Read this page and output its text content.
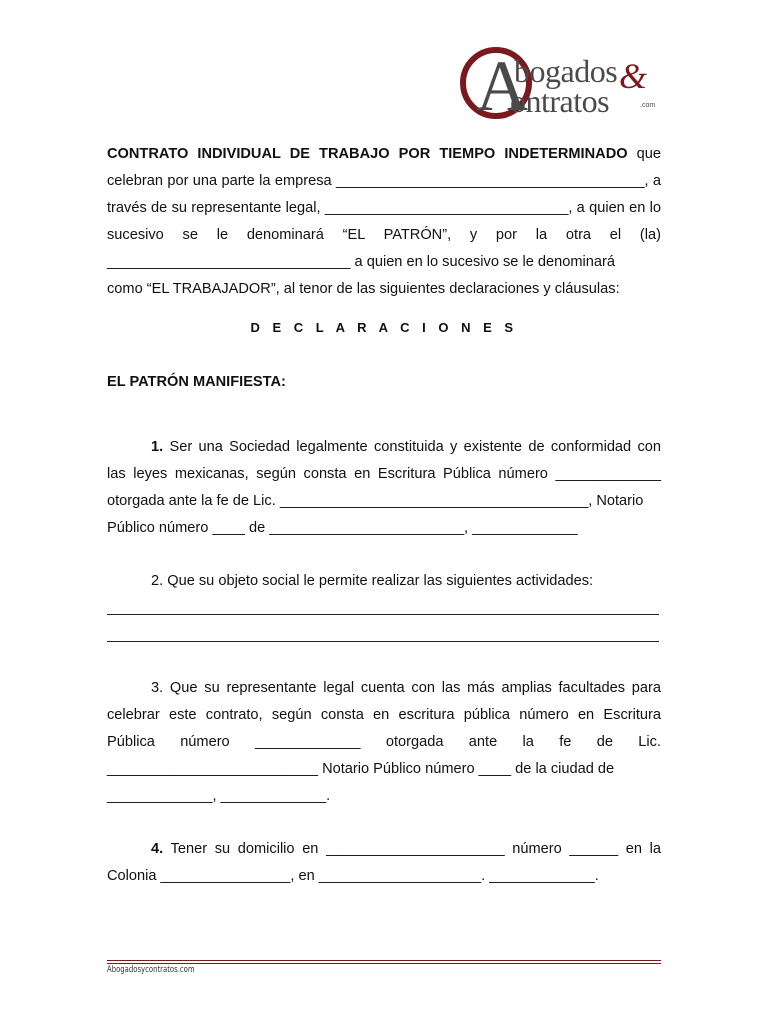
A
bogados &
ontratos	.com
CONTRATO INDIVIDUAL DE TRABAJO POR TIEMPO INDETERMINADO que celebran por una parte la empresa ______________________________________, a través de su representante legal, ______________________________, a quien en lo sucesivo se le denominará “EL PATRÓN”, y por la otra el (la) ______________________________ a quien en lo sucesivo se le denominará
como “EL TRABAJADOR”, al tenor de las siguientes declaraciones y cláusulas:
D E C L A R A C I O N E S
EL PATRÓN MANIFIESTA:
1. Ser una Sociedad legalmente constituida y existente de conformidad con las leyes mexicanas, según consta en Escritura Pública número _____________ otorgada ante la fe de Lic. ______________________________________, Notario
Público número ____ de ________________________, _____________
2. Que su objeto social le permite realizar las siguientes actividades:
3. Que su representante legal cuenta con las más amplias facultades para celebrar este contrato, según consta en escritura pública número en Escritura Pública número _____________ otorgada ante la fe de Lic. __________________________ Notario Público número ____ de la ciudad de
_____________, _____________.
4. Tener su domicilio en ______________________ número ______ en la
Colonia ________________, en ____________________. _____________.
Abogadosycontratos.com
